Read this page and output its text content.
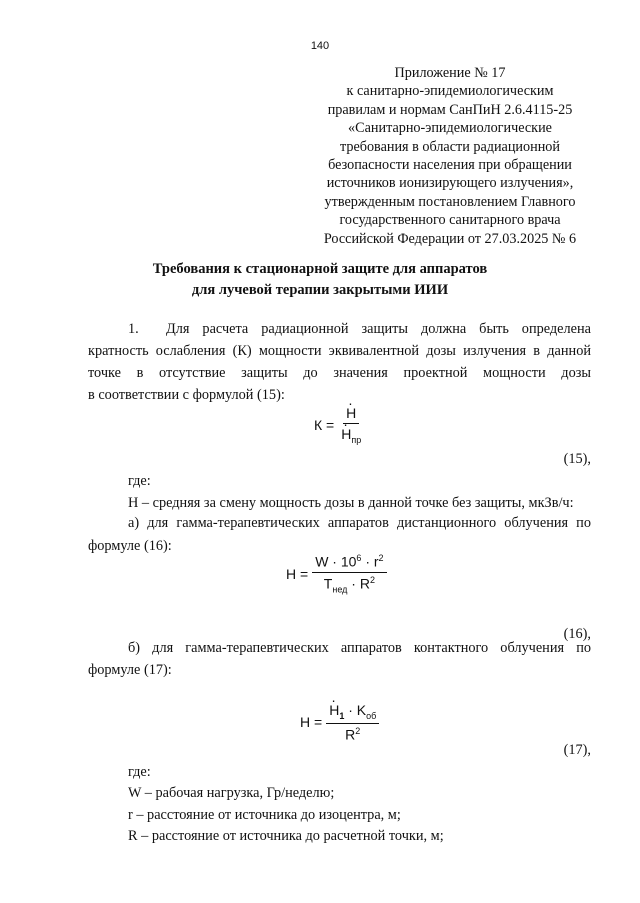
140
Приложение № 17
к санитарно-эпидемиологическим
правилам и нормам СанПиН 2.6.4115-25
«Санитарно-эпидемиологические
требования в области радиационной
безопасности населения при обращении
источников ионизирующего излучения»,
утвержденным постановлением Главного
государственного санитарного врача
Российской Федерации от 27.03.2025 № 6
Требования к стационарной защите для аппаратов
для лучевой терапии закрытыми ИИИ
1. Для расчета радиационной защиты должна быть определена
кратность ослабления (К) мощности эквивалентной дозы излучения в данной
точке в отсутствие защиты до значения проектной мощности дозы
в соответствии с формулой (15):
К = · H
· $H_{пр}$
(15),
где:
H – средняя за смену мощность дозы в данной точке без защиты, мкЗв/ч:
а) для гамма-терапевтических аппаратов дистанционного облучения по
формуле (16):
$H = \frac{W \cdot 10^6 \cdot r^2}{T_{нед} \cdot R^2}$
(16),
б) для гамма-терапевтических аппаратов контактного облучения по
формуле (17):
H = · $\frac{H_1 \cdot K_{об}}{R^2}$
(17),
где:
W – рабочая нагрузка, Гр/неделю;
r – расстояние от источника до изоцентра, м;
R – расстояние от источника до расчетной точки, м;
